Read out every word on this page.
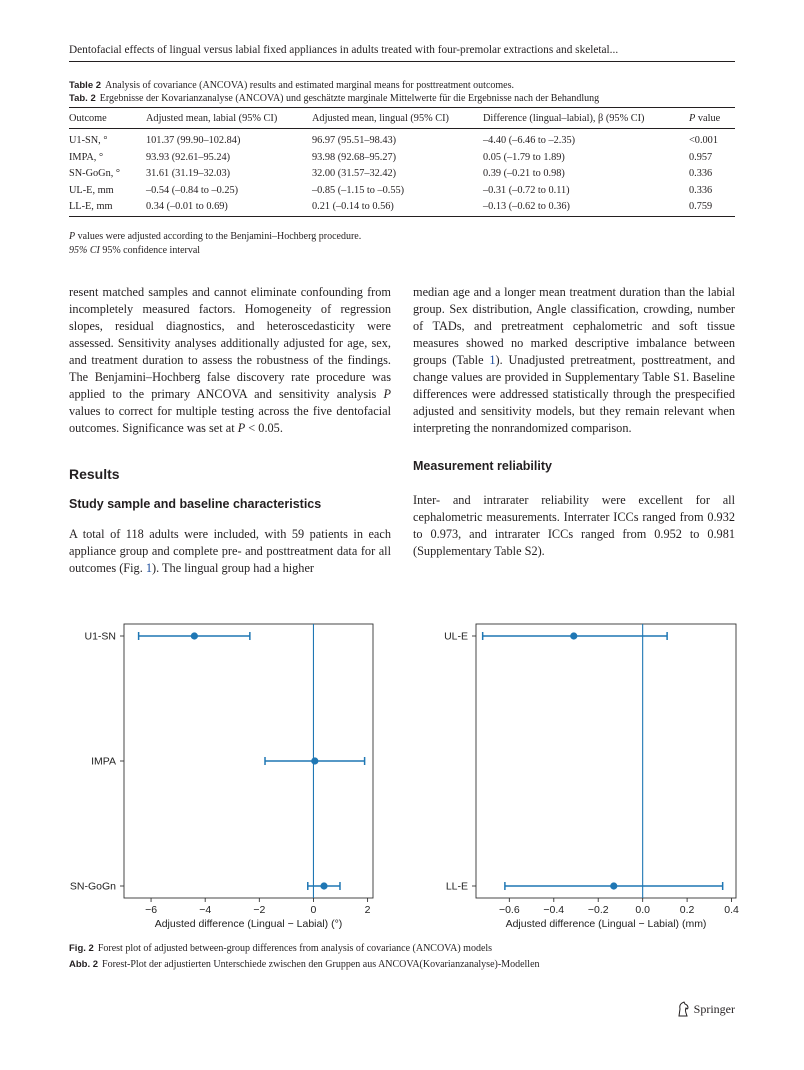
Dentofacial effects of lingual versus labial fixed appliances in adults treated with four-premolar extractions and skeletal...
Table 2 Analysis of covariance (ANCOVA) results and estimated marginal means for posttreatment outcomes.
Tab. 2 Ergebnisse der Kovarianzanalyse (ANCOVA) und geschätzte marginale Mittelwerte für die Ergebnisse nach der Behandlung
Outcome	Adjusted mean, labial (95% CI)	Adjusted mean, lingual (95% CI)	Difference (lingual–labial), β (95% CI)	P value
U1-SN, °	101.37 (99.90–102.84)	96.97 (95.51–98.43)	–4.40 (–6.46 to –2.35)	<0.001
IMPA, °	93.93 (92.61–95.24)	93.98 (92.68–95.27)	0.05 (–1.79 to 1.89)	0.957
SN-GoGn, °	31.61 (31.19–32.03)	32.00 (31.57–32.42)	0.39 (–0.21 to 0.98)	0.336
UL-E, mm	–0.54 (–0.84 to –0.25)	–0.85 (–1.15 to –0.55)	–0.31 (–0.72 to 0.11)	0.336
LL-E, mm	0.34 (–0.01 to 0.69)	0.21 (–0.14 to 0.56)	–0.13 (–0.62 to 0.36)	0.759
P values were adjusted according to the Benjamini–Hochberg procedure.
95% CI 95% confidence interval

resent matched samples and cannot eliminate confounding from incompletely measured factors. Homogeneity of regression slopes, residual diagnostics, and heteroscedasticity were assessed. Sensitivity analyses additionally adjusted for age, sex, and treatment duration to assess the robustness of the findings. The Benjamini–Hochberg false discovery rate procedure was applied to the primary ANCOVA and sensitivity analysis P values to correct for multiple testing across the five dentofacial outcomes. Significance was set at P < 0.05.

Results
Study sample and baseline characteristics

A total of 118 adults were included, with 59 patients in each appliance group and complete pre- and posttreatment data for all outcomes (Fig. 1). The lingual group had a higher

median age and a longer mean treatment duration than the labial group. Sex distribution, Angle classification, crowding, number of TADs, and pretreatment cephalometric and soft tissue measures showed no marked descriptive imbalance between groups (Table 1). Unadjusted pretreatment, posttreatment, and change values are provided in Supplementary Table S1. Baseline differences were addressed statistically through the prespecified adjusted and sensitivity models, but they remain relevant when interpreting the nonrandomized comparison.

Measurement reliability

Inter- and intrarater reliability were excellent for all cephalometric measurements. Interrater ICCs ranged from 0.932 to 0.973, and intrarater ICCs ranged from 0.952 to 0.981 (Supplementary Table S2).

−6	−4	−2	0	2
Adjusted difference (Lingual − Labial) (°)
U1-SN
IMPA
SN-GoGn
−0.6 −0.4 −0.2	0.0	0.2	0.4
Adjusted difference (Lingual − Labial) (mm)
UL-E
LL-E
Fig. 2 Forest plot of adjusted between-group differences from analysis of covariance (ANCOVA) models
Abb. 2 Forest-Plot der adjustierten Unterschiede zwischen den Gruppen aus ANCOVA(Kovarianzanalyse)-Modellen
Springer
